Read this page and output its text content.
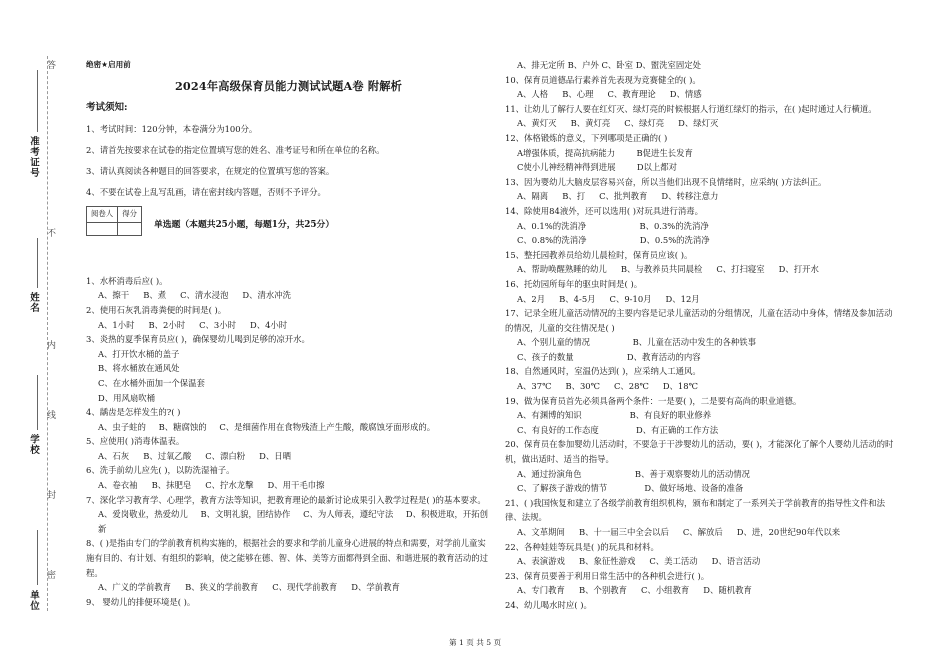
答
不
内
线
封
密
准考证号
姓名
学校
单位
绝密★启用前
2024年高级保育员能力测试试题A卷 附解析
考试须知:
1、考试时间：120分钟，本卷满分为100分。
2、请首先按要求在试卷的指定位置填写您的姓名、准考证号和所在单位的名称。
3、请认真阅读各种题目的回答要求，在规定的位置填写您的答案。
4、不要在试卷上乱写乱画，请在密封线内答题，否则不予评分。
阅卷人	得分

单选题（本题共25小题，每题1分，共25分）
1、水杯消毒后应( )。
A、擦干 B、煮 C、清水浸泡 D、清水冲洗
2、使用石灰乳消毒粪便的时间是( )。
A、1小时 B、2小时 C、3小时 D、4小时
3、炎热的夏季保育员应( )，确保婴幼儿喝到足够的凉开水。
A、打开饮水桶的盖子
B、将水桶放在通风处
C、在水桶外面加一个保温套
D、用风扇吹桶
4、龋齿是怎样发生的?( )
A、虫子蛀的 B、糖腐蚀的 C、是细菌作用在食物残渣上产生酸，酸腐蚀牙面形成的。
5、应使用( )消毒体温表。
A、石灰 B、过氧乙酸 C、漂白粉 D、日晒
6、洗手前幼儿应先( )，以防洗湿袖子。
A、卷衣袖 B、抹肥皂 C、拧水龙擊 D、用干毛巾擦
7、深化学习教育学、心理学，教育方法等知识，把教育理论的最新讨论成果引入教学过程是( )的基本要求。
A、爱岗敬业，热爱幼儿 B、文明礼貌，团结协作 C、为人师表，遵纪守法 D、积极进取，开拓创新
8、( )是指由专门的学前教育机构实施的，根据社会的要求和学前儿童身心进展的特点和需要，对学前儿童实施有目的、有计划、有组织的影响，使之能够在德、智、体、美等方面都得到全面、和谐进展的教育活动的过程。
A、广义的学前教育 B、狭义的学前教育 C、现代学前教育 D、学前教育
9、 婴幼儿的排便环境是( )。
A、排无定所 B、户外 C、卧室 D、盥洗室固定处
10、保育员道德品行素养首先表现为竞赛健全的( )。
A、人格 B、心理 C、教育理论 D、情感
11、让幼儿了解行人要在红灯灭、绿灯亮的时候根据人行道红绿灯的指示，在( )起时通过人行横道。
A、黄灯灭 B、黄灯亮 C、绿灯亮 D、绿灯灭
12、体格锻炼的意义，下列哪项是正确的( )
A增强体质，提高抗病能力        B促进生长发育
C使小儿神经精神得到进展        D以上都对
13、因为婴幼儿大脑皮层容易兴奋，所以当他们出现不良情绪时，应采纳( )方法纠正。
A、隔离 B、打 C、批判教育 D、转移注意力
14、除使用84液外，还可以选用( )对玩具进行消毒。
A、0.1%的洗消净                    B、0.3%的洗消净
C、0.8%的洗消净                    D、0.5%的洗消净
15、整托园教养员给幼儿晨检时，保育员应该( )。
A、帮助唤醒熟睡的幼儿 B、与教养员共同晨检 C、打扫寝室 D、打开水
16、托幼园所每年的驱虫时间是( )。
A、2月 B、4-5月 C、9-10月 D、12月
17、记录全班儿童活动情况的主要内容是记录儿童活动的分组情况，儿童在活动中身体，情绪及参加活动的情况，儿童的交往情况是( )
A、个别儿童的情况                B、儿童在活动中发生的各种铁事
C、孩子的数量                    D、教育活动的内容
18、自然通风时，室温仍达到( )，应采纳人工通风。
A、37℃ B、30℃ C、28℃ D、18℃
19、做为保育员首先必须具备两个条件：一是要( )，二是要有高尚的职业道德。
A、有渊博的知识                  B、有良好的职业修养
C、有良好的工作态度              D、有正确的工作方法
20、保育员在参加婴幼儿活动时，不要急于干涉婴幼儿的活动，要( )，才能深化了解个人婴幼儿活动的时机，做出适时、适当的指导。
A、通过扮演角色                    B、善于观察婴幼儿的活动情况
C、了解孩子游戏的情节              D、做好场地、设备的准备
21、( )我国恢复和建立了各级学前教育组织机构，颁布和制定了一系列关于学前教育的指导性文件和法律、法规。
A、文革期间 B、十一届三中全会以后 C、解放后 D、进，20世纪90年代以来
22、各种娃娃等玩具是( )的玩具和材料。
A、表演游戏 B、象征性游戏 C、美工活动 D、语言活动
23、保育员要善于利用日常生活中的各种机会进行( )。
A、专门教育 B、个别教育 C、小组教育 D、随机教育
24、幼儿喝水时应( )。
第 1 页 共 5 页
